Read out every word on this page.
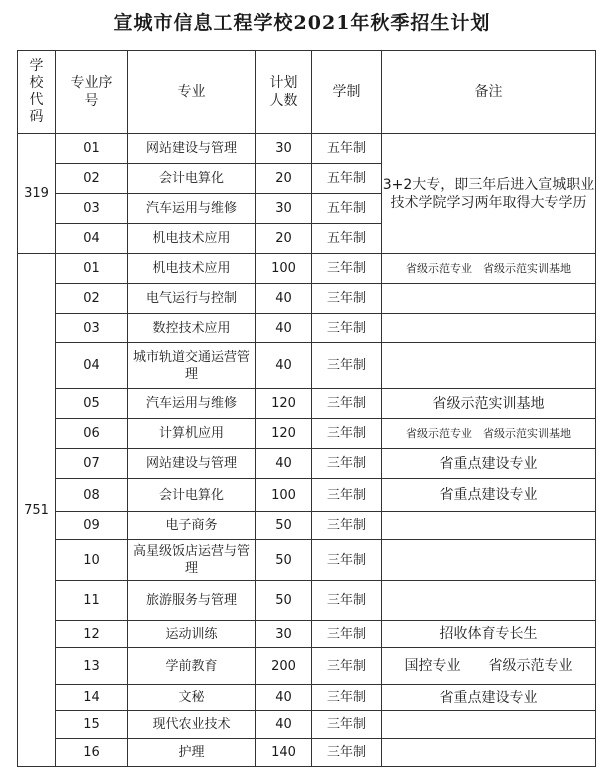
宣城市信息工程学校2021年秋季招生计划
学校代码	专业序号	专业	计划人数	学制	备注
319	01	网站建设与管理	30	五年制	3+2大专，即三年后进入宣城职业技术学院学习两年取得大专学历
	02	会计电算化	20	五年制	
	03	汽车运用与维修	30	五年制	
	04	机电技术应用	20	五年制	
751	01	机电技术应用	100	三年制	省级示范专业　省级示范实训基地
	02	电气运行与控制	40	三年制	
	03	数控技术应用	40	三年制	
	04	城市轨道交通运营管理	40	三年制	
	05	汽车运用与维修	120	三年制	省级示范实训基地
	06	计算机应用	120	三年制	省级示范专业　省级示范实训基地
	07	网站建设与管理	40	三年制	省重点建设专业
	08	会计电算化	100	三年制	省重点建设专业
	09	电子商务	50	三年制	
	10	高星级饭店运营与管理	50	三年制	
	11	旅游服务与管理	50	三年制	
	12	运动训练	30	三年制	招收体育专长生
	13	学前教育	200	三年制	国控专业　　省级示范专业
	14	文秘	40	三年制	省重点建设专业
	15	现代农业技术	40	三年制	
	16	护理	140	三年制	
